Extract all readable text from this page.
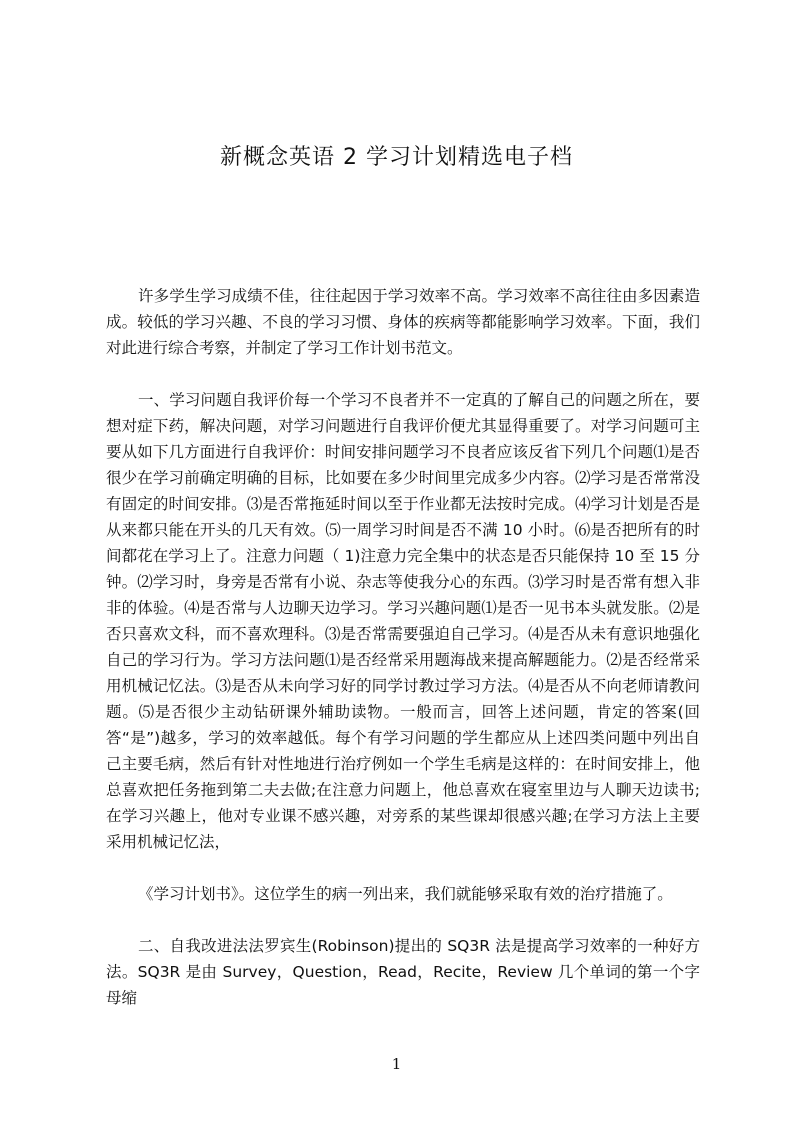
新概念英语 2 学习计划精选电子档

许多学生学习成绩不佳，往往起因于学习效率不高。学习效率不高往往由多因素造成。较低的学习兴趣、不良的学习习惯、身体的疾病等都能影响学习效率。下面，我们对此进行综合考察，并制定了学习工作计划书范文。

一、学习问题自我评价每一个学习不良者并不一定真的了解自己的问题之所在，要想对症下药，解决问题，对学习问题进行自我评价便尤其显得重要了。对学习问题可主要从如下几方面进行自我评价：时间安排问题学习不良者应该反省下列几个问题⑴是否很少在学习前确定明确的目标，比如要在多少时间里完成多少内容。⑵学习是否常常没有固定的时间安排。⑶是否常拖延时间以至于作业都无法按时完成。⑷学习计划是否是从来都只能在开头的几天有效。⑸一周学习时间是否不满 10 小时。⑹是否把所有的时间都花在学习上了。注意力问题（ 1)注意力完全集中的状态是否只能保持 10 至 15 分钟。⑵学习时，身旁是否常有小说、杂志等使我分心的东西。⑶学习时是否常有想入非非的体验。⑷是否常与人边聊天边学习。学习兴趣问题⑴是否一见书本头就发胀。⑵是否只喜欢文科，而不喜欢理科。⑶是否常需要强迫自己学习。⑷是否从未有意识地强化自己的学习行为。学习方法问题⑴是否经常采用题海战来提高解题能力。⑵是否经常采用机械记忆法。⑶是否从未向学习好的同学讨教过学习方法。⑷是否从不向老师请教问题。⑸是否很少主动钻研课外辅助读物。一般而言，回答上述问题，肯定的答案(回答“是”)越多，学习的效率越低。每个有学习问题的学生都应从上述四类问题中列出自己主要毛病，然后有针对性地进行治疗例如一个学生毛病是这样的：在时间安排上，他总喜欢把任务拖到第二夫去做;在注意力问题上，他总喜欢在寝室里边与人聊天边读书;在学习兴趣上，他对专业课不感兴趣，对旁系的某些课却很感兴趣;在学习方法上主要采用机械记忆法，

《学习计划书》。这位学生的病一列出来，我们就能够采取有效的治疗措施了。

二、自我改进法法罗宾生(Robinson)提出的 SQ3R 法是提高学习效率的一种好方法。SQ3R 是由 Survey，Question，Read，Recite，Review 几个单词的第一个字母缩

1
